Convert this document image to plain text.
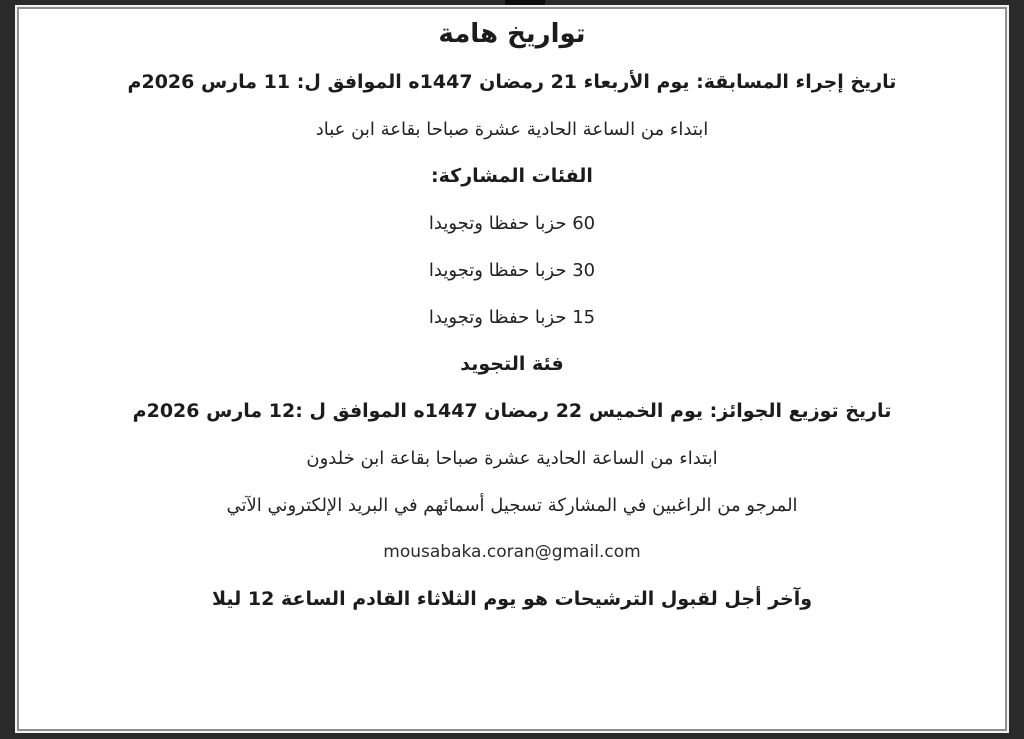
تواريخ هامة
تاريخ إجراء المسابقة: يوم الأربعاء 21 رمضان 1447ه الموافق ل: 11 مارس 2026م
ابتداء من الساعة الحادية عشرة صباحا بقاعة ابن عباد
الفئات المشاركة:
60 حزبا حفظا وتجويدا
30 حزبا حفظا وتجويدا
15 حزبا حفظا وتجويدا
فئة التجويد
تاريخ توزيع الجوائز: يوم الخميس 22 رمضان 1447ه الموافق ل :12 مارس 2026م
ابتداء من الساعة الحادية عشرة صباحا بقاعة ابن خلدون
المرجو من الراغبين في المشاركة تسجيل أسمائهم في البريد الإلكتروني الآتي
mousabaka.coran@gmail.com
وآخر أجل لقبول الترشيحات هو يوم الثلاثاء القادم الساعة 12 ليلا
